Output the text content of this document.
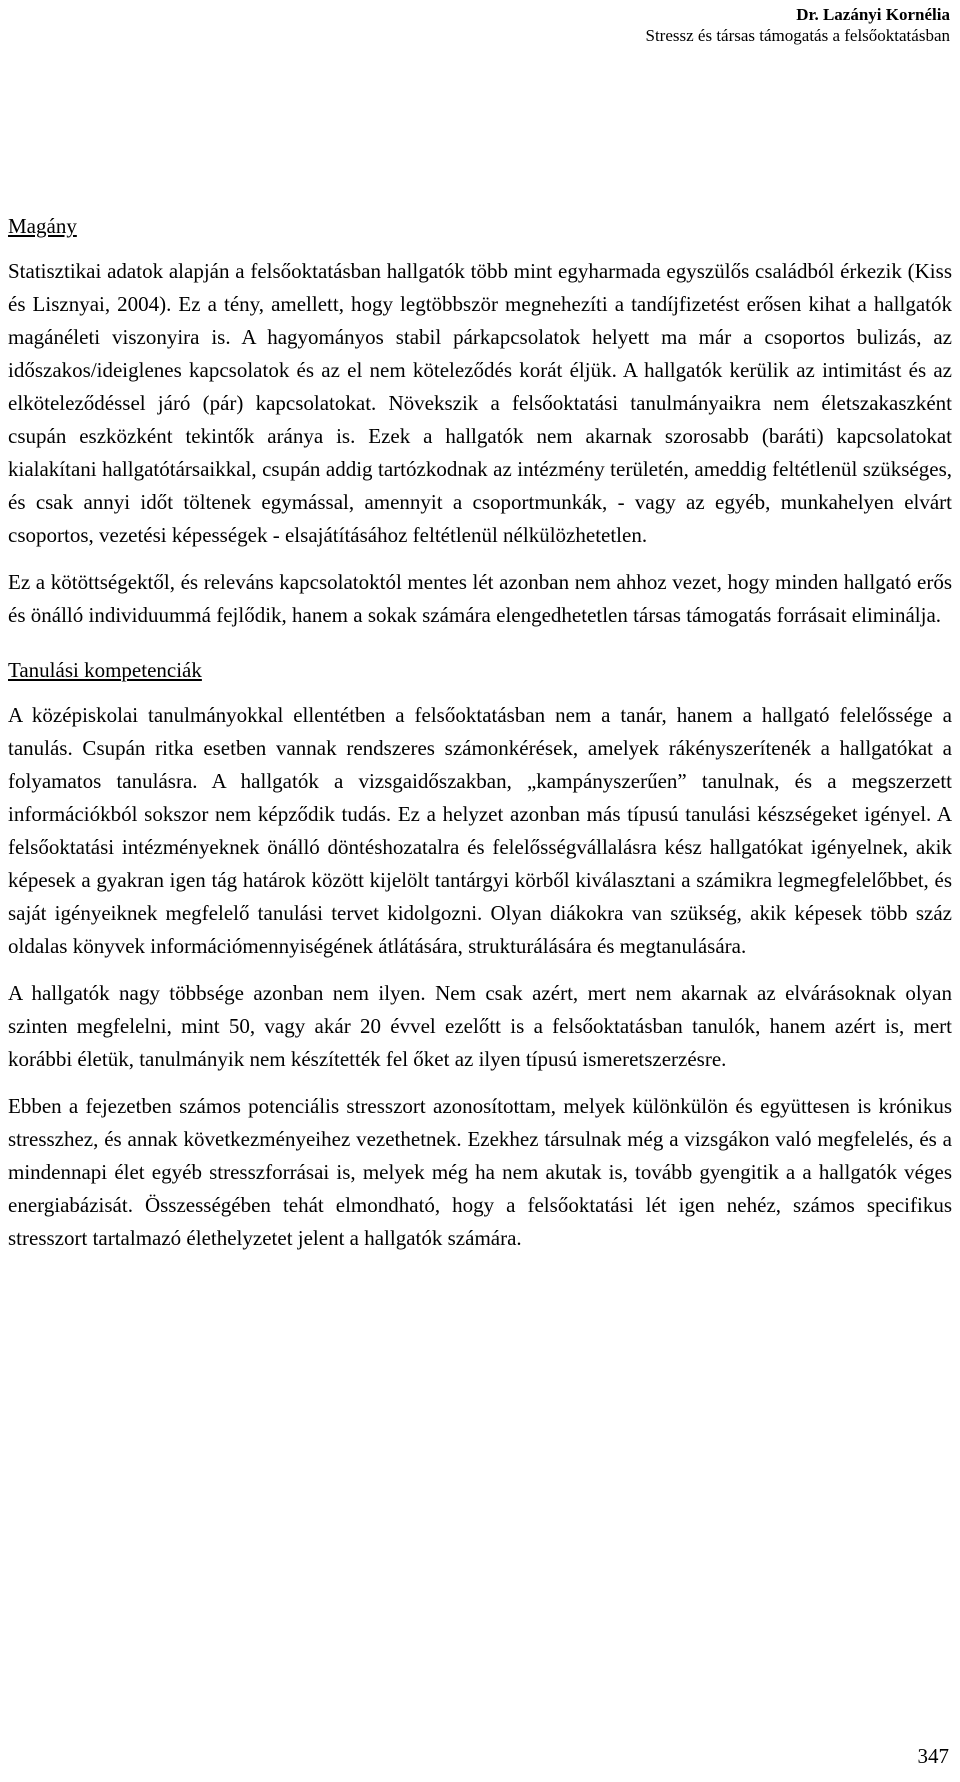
Dr. Lazányi Kornélia
Stressz és társas támogatás a felsőoktatásban
Magány

Statisztikai adatok alapján a felsőoktatásban hallgatók több mint egyharmada egyszülős családból érkezik (Kiss és Lisznyai, 2004). Ez a tény, amellett, hogy legtöbbször megnehezíti a tandíjfizetést erősen kihat a hallgatók magánéleti viszonyira is. A hagyományos stabil párkapcsolatok helyett ma már a csoportos bulizás, az időszakos/ideiglenes kapcsolatok és az el nem köteleződés korát éljük. A hallgatók kerülik az intimitást és az elköteleződéssel járó (pár) kapcsolatokat. Növekszik a felsőoktatási tanulmányaikra nem életszakaszként csupán eszközként tekintők aránya is. Ezek a hallgatók nem akarnak szorosabb (baráti) kapcsolatokat kialakítani hallgatótársaikkal, csupán addig tartózkodnak az intézmény területén, ameddig feltétlenül szükséges, és csak annyi időt töltenek egymással, amennyit a csoportmunkák, - vagy az egyéb, munkahelyen elvárt csoportos, vezetési képességek - elsajátításához feltétlenül nélkülözhetetlen.

Ez a kötöttségektől, és releváns kapcsolatoktól mentes lét azonban nem ahhoz vezet, hogy minden hallgató erős és önálló individuummá fejlődik, hanem a sokak számára elengedhetetlen társas támogatás forrásait eliminálja.

Tanulási kompetenciák

A középiskolai tanulmányokkal ellentétben a felsőoktatásban nem a tanár, hanem a hallgató felelőssége a tanulás. Csupán ritka esetben vannak rendszeres számonkérések, amelyek rákényszerítenék a hallgatókat a folyamatos tanulásra. A hallgatók a vizsgaidőszakban, „kampányszerűen” tanulnak, és a megszerzett információkból sokszor nem képződik tudás. Ez a helyzet azonban más típusú tanulási készségeket igényel. A felsőoktatási intézményeknek önálló döntéshozatalra és felelősségvállalásra kész hallgatókat igényelnek, akik képesek a gyakran igen tág határok között kijelölt tantárgyi körből kiválasztani a számikra legmegfelelőbbet, és saját igényeiknek megfelelő tanulási tervet kidolgozni. Olyan diákokra van szükség, akik képesek több száz oldalas könyvek információmennyiségének átlátására, strukturálására és megtanulására.

A hallgatók nagy többsége azonban nem ilyen. Nem csak azért, mert nem akarnak az elvárásoknak olyan szinten megfelelni, mint 50, vagy akár 20 évvel ezelőtt is a felsőoktatásban tanulók, hanem azért is, mert korábbi életük, tanulmányik nem készítették fel őket az ilyen típusú ismeretszerzésre.

Ebben a fejezetben számos potenciális stresszort azonosítottam, melyek különkülön és együttesen is krónikus stresszhez, és annak következményeihez vezethetnek. Ezekhez társulnak még a vizsgákon való megfelelés, és a mindennapi élet egyéb stresszforrásai is, melyek még ha nem akutak is, tovább gyengitik a a hallgatók véges energiabázisát. Összességében tehát elmondható, hogy a felsőoktatási lét igen nehéz, számos specifikus stresszort tartalmazó élethelyzetet jelent a hallgatók számára.

347
